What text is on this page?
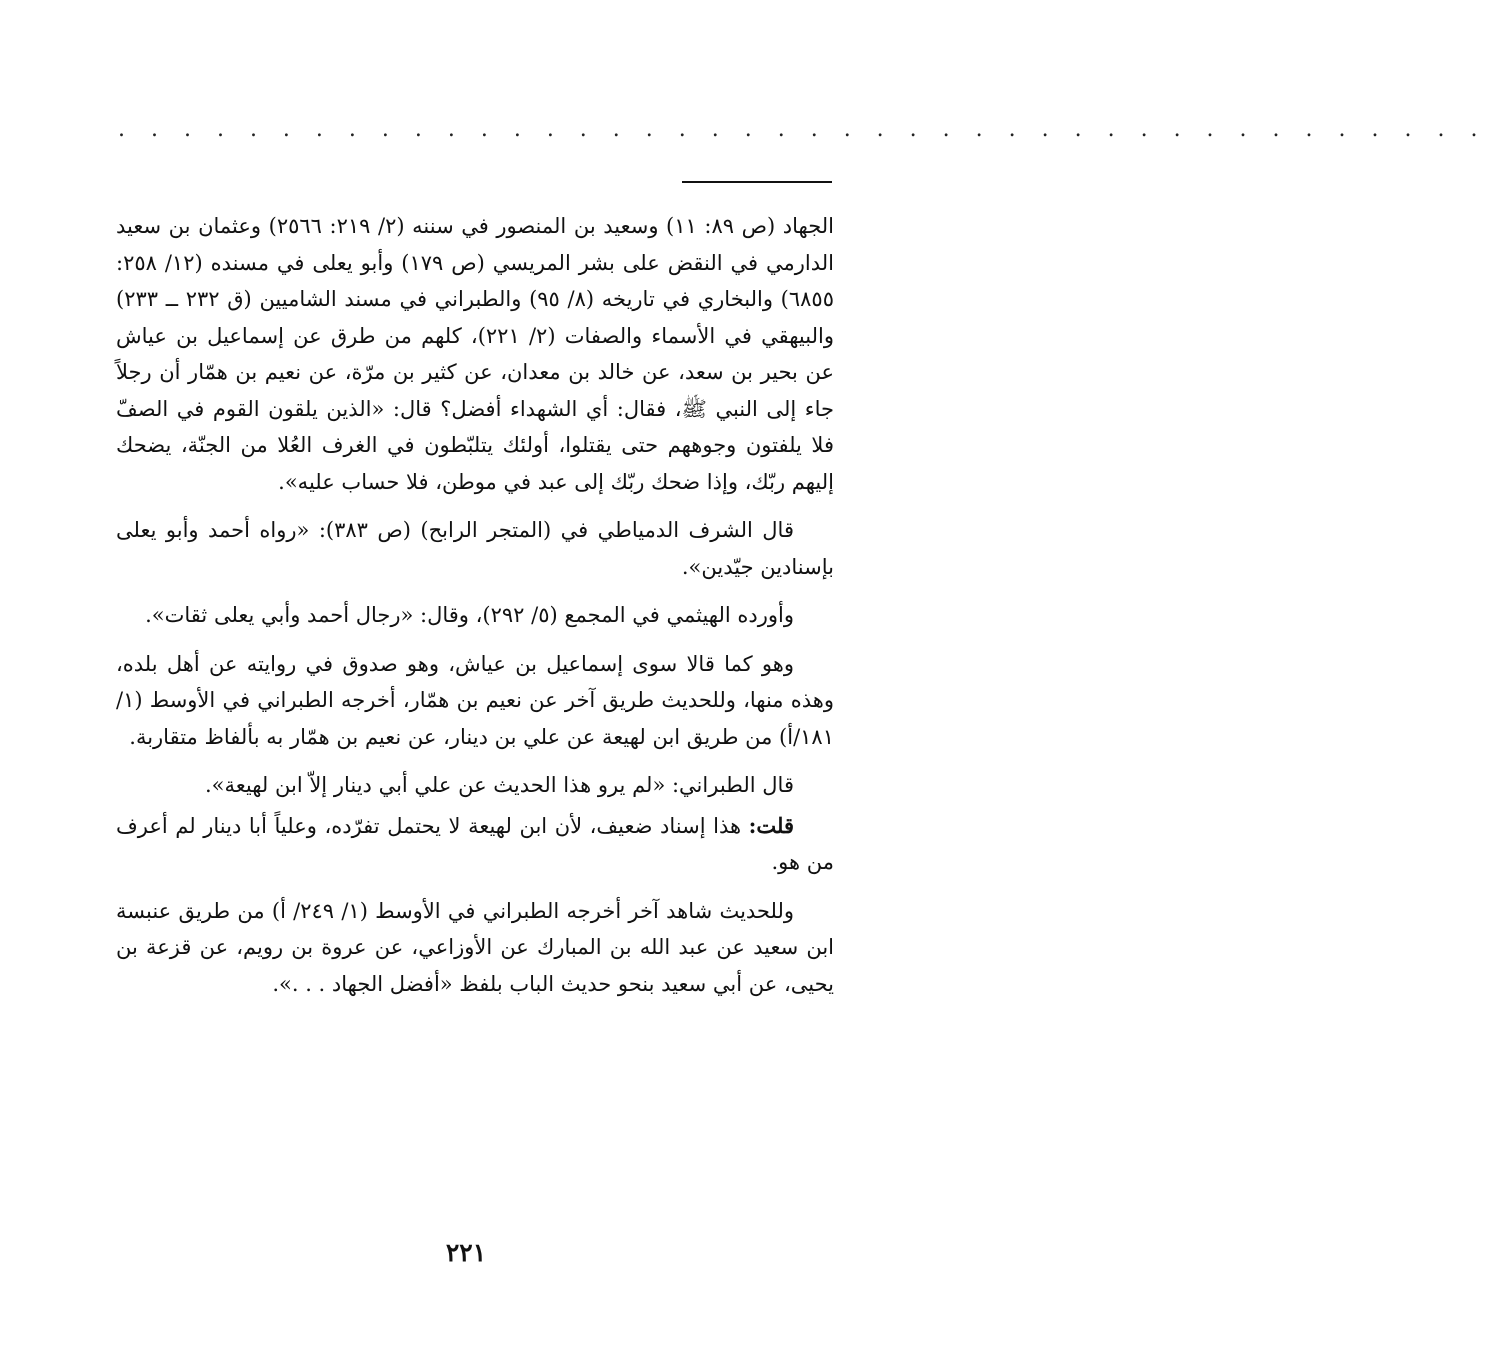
. . . . . . . . . . . . . . . . . . . . . . . . . . . . . . . . . . . . . . . . . .

الجهاد (ص ٨٩: ١١) وسعيد بن المنصور في سننه (٢/ ٢١٩: ٢٥٦٦) وعثمان بن سعيد الدارمي في النقض على بشر المريسي (ص ١٧٩) وأبو يعلى في مسنده (١٢/ ٢٥٨: ٦٨٥٥) والبخاري في تاريخه (٨/ ٩٥) والطبراني في مسند الشاميين (ق ٢٣٢ ــ ٢٣٣) والبيهقي في الأسماء والصفات (٢/ ٢٢١)، كلهم من طرق عن إسماعيل بن عياش عن بحير بن سعد، عن خالد بن معدان، عن كثير بن مرّة، عن نعيم بن همّار أن رجلاً جاء إلى النبي ﷺ، فقال: أي الشهداء أفضل؟ قال: «الذين يلقون القوم في الصفّ فلا يلفتون وجوههم حتى يقتلوا، أولئك يتلبّطون في الغرف العُلا من الجنّة، يضحك إليهم ربّك، وإذا ضحك ربّك إلى عبد في موطن، فلا حساب عليه».

قال الشرف الدمياطي في (المتجر الرابح) (ص ٣٨٣): «رواه أحمد وأبو يعلى بإسنادين جيّدين».

وأورده الهيثمي في المجمع (٥/ ٢٩٢)، وقال: «رجال أحمد وأبي يعلى ثقات».

وهو كما قالا سوى إسماعيل بن عياش، وهو صدوق في روايته عن أهل بلده، وهذه منها، وللحديث طريق آخر عن نعيم بن همّار، أخرجه الطبراني في الأوسط (١/ ١٨١/أ) من طريق ابن لهيعة عن علي بن دينار، عن نعيم بن همّار به بألفاظ متقاربة.

قال الطبراني: «لم يرو هذا الحديث عن علي أبي دينار إلاّ ابن لهيعة».

قلت: هذا إسناد ضعيف، لأن ابن لهيعة لا يحتمل تفرّده، وعلياً أبا دينار لم أعرف من هو.

وللحديث شاهد آخر أخرجه الطبراني في الأوسط (١/ ٢٤٩/ أ) من طريق عنبسة ابن سعيد عن عبد الله بن المبارك عن الأوزاعي، عن عروة بن رويم، عن قزعة بن يحيى، عن أبي سعيد بنحو حديث الباب بلفظ «أفضل الجهاد . . .».

٢٢١
